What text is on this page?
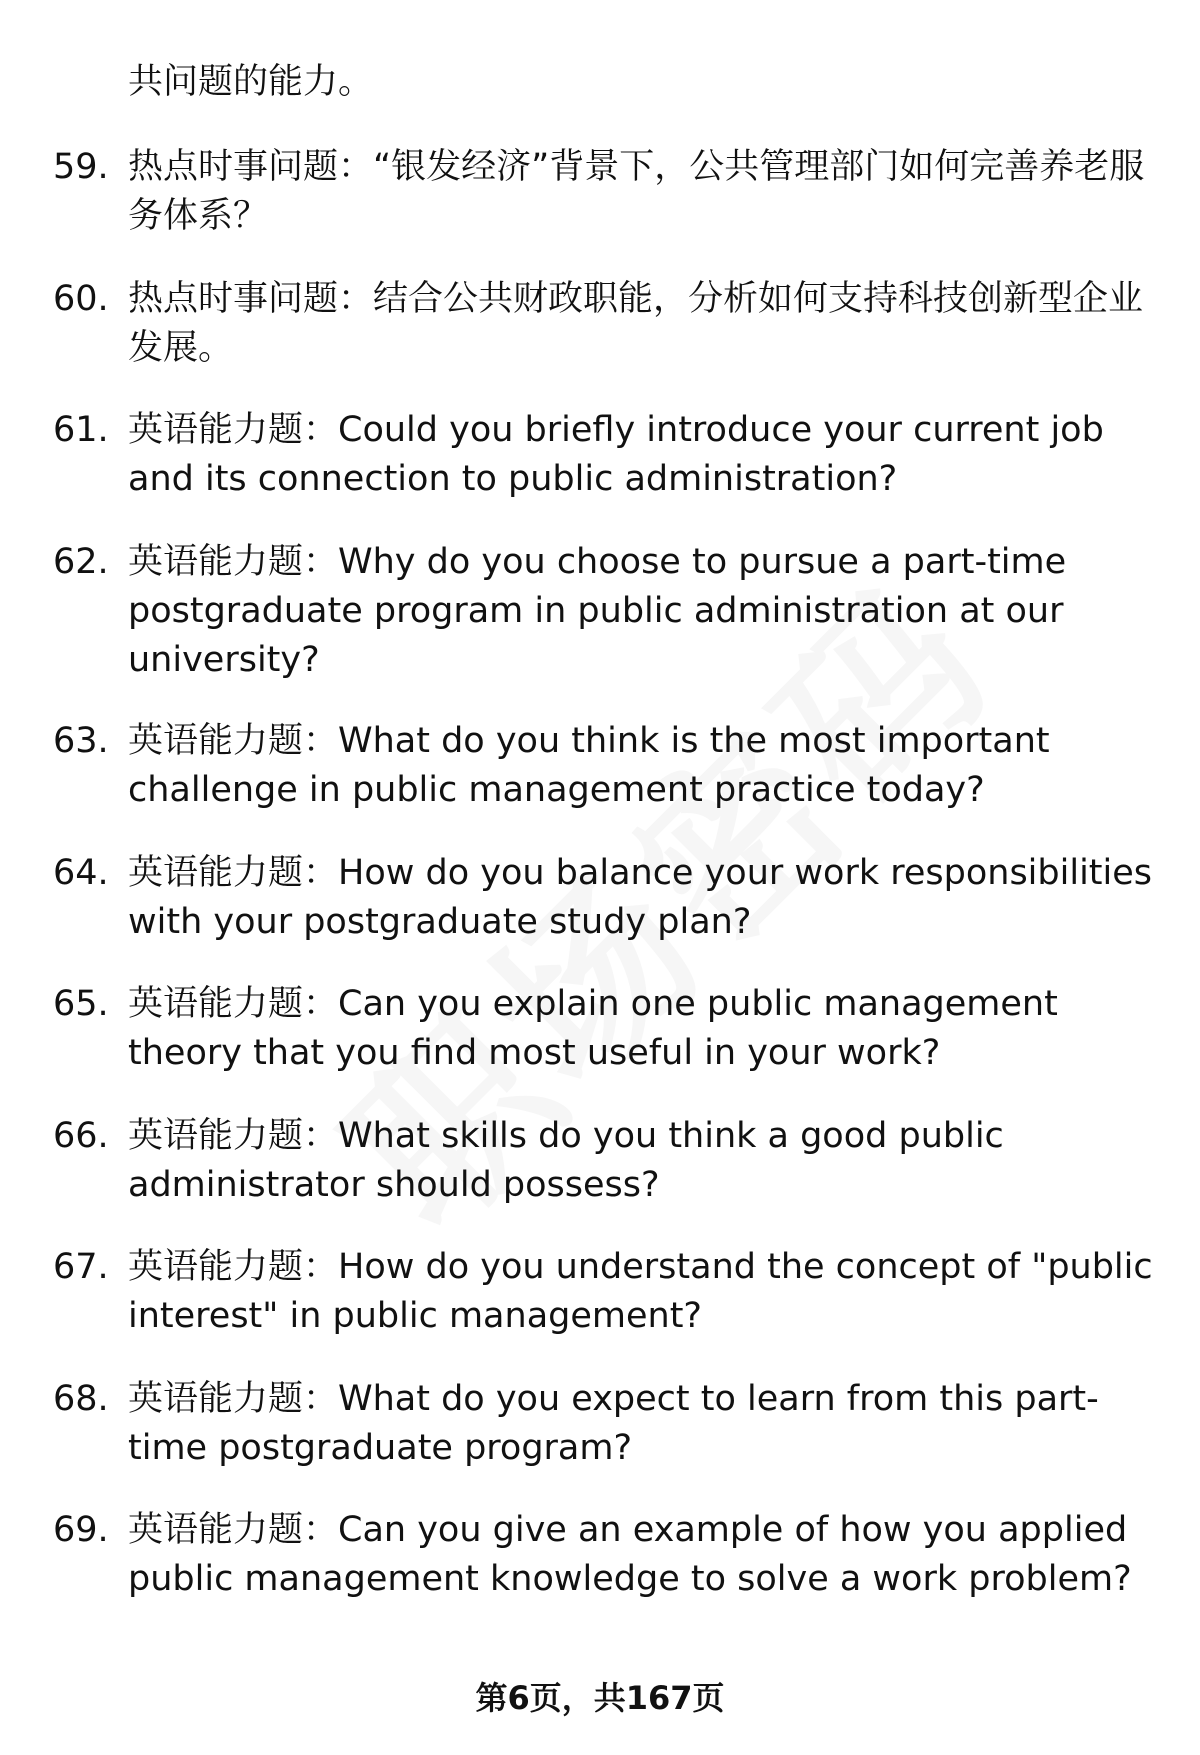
共问题的能力。

59. 热点时事问题：“银发经济”背景下，公共管理部门如何完善养老服务体系？

60. 热点时事问题：结合公共财政职能，分析如何支持科技创新型企业发展。

61. 英语能力题：Could you briefly introduce your current job and its connection to public administration?

62. 英语能力题：Why do you choose to pursue a part-time postgraduate program in public administration at our university?

63. 英语能力题：What do you think is the most important challenge in public management practice today?

64. 英语能力题：How do you balance your work responsibilities with your postgraduate study plan?

65. 英语能力题：Can you explain one public management theory that you find most useful in your work?

66. 英语能力题：What skills do you think a good public administrator should possess?

67. 英语能力题：How do you understand the concept of "public interest" in public management?

68. 英语能力题：What do you expect to learn from this part-time postgraduate program?

69. 英语能力题：Can you give an example of how you applied public management knowledge to solve a work problem?

第6页，共167页
